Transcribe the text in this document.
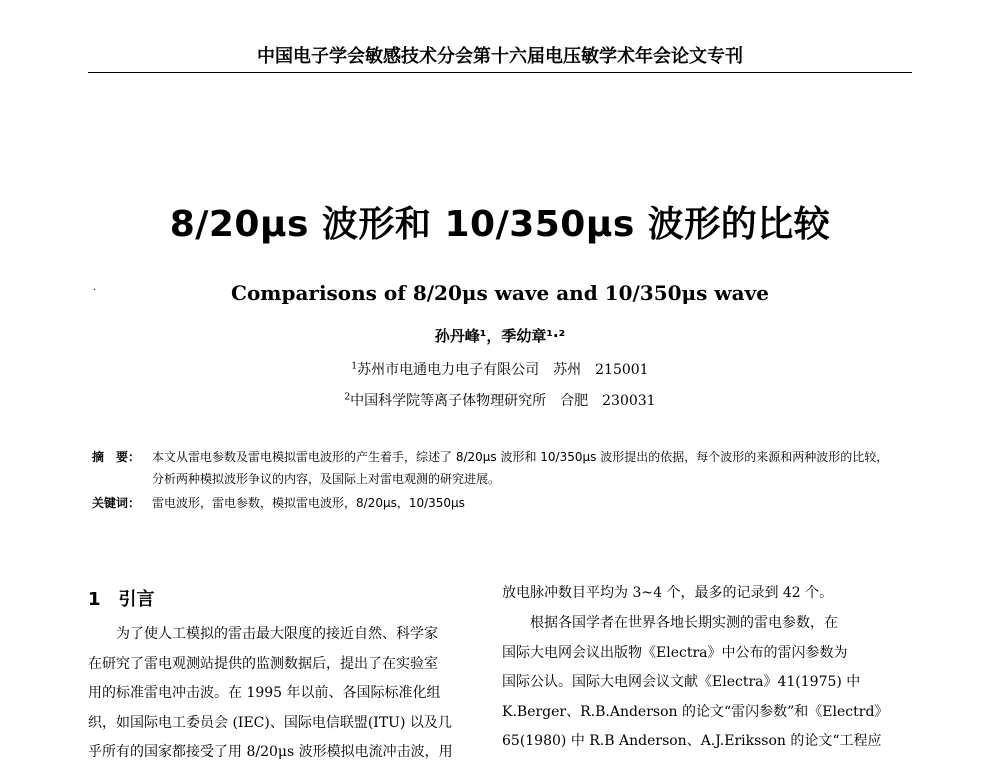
中国电子学会敏感技术分会第十六届电压敏学术年会论文专刊
8/20μs 波形和 10/350μs 波形的比较
·	Comparisons of 8/20μs wave and 10/350μs wave
孙丹峰¹，季幼章¹·²
$^1$苏州市电通电力电子有限公司　苏州　215001
$^2$中国科学院等离子体物理研究所　合肥　230031
摘　要： 本文从雷电参数及雷电模拟雷电波形的产生着手，综述了 8/20μs 波形和 10/350μs 波形提出的依据，每个波形的来源和两种波形的比较，分析两种模拟波形争议的内容，及国际上对雷电观测的研究进展。
关键词： 雷电波形，雷电参数，模拟雷电波形，8/20μs，10/350μs
1　引言
　　为了使人工模拟的雷击最大限度的接近自然、科学家
在研究了雷电观测站提供的监测数据后，提出了在实验室
用的标准雷电冲击波。在 1995 年以前、各国际标准化组
织，如国际电工委员会 (IEC)、国际电信联盟(ITU) 以及几
乎所有的国家都接受了用 8/20μs 波形模拟电流冲击波，用
放电脉冲数目平均为 3~4 个，最多的记录到 42 个。
　　根据各国学者在世界各地长期实测的雷电参数，在
国际大电网会议出版物《Electra》中公布的雷闪参数为
国际公认。国际大电网会议文献《Electra》41(1975) 中
K.Berger、R.B.Anderson 的论文“雷闪参数”和《Electrd》
65(1980) 中 R.B Anderson、A.J.Eriksson 的论文“工程应
